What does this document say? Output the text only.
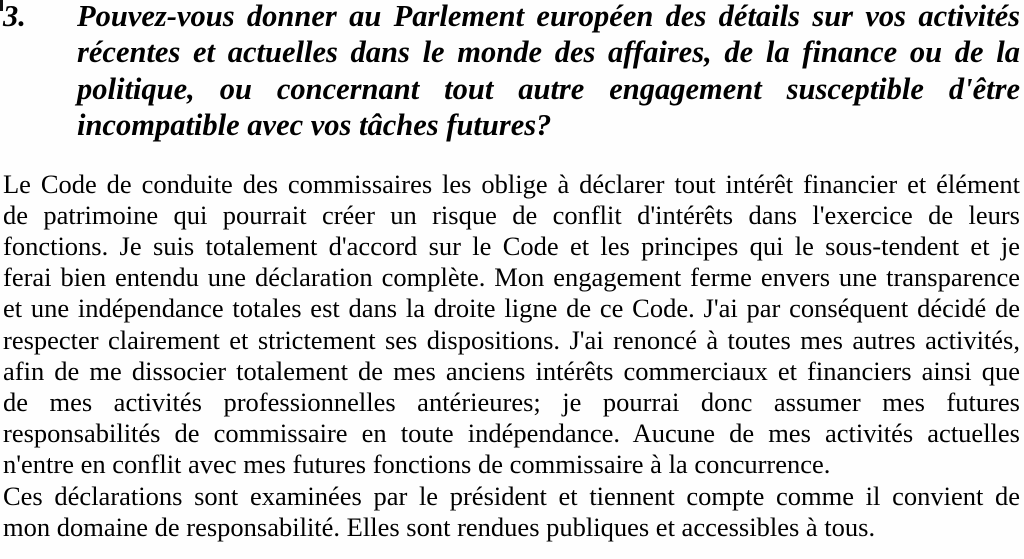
3.	Pouvez-vous donner au Parlement européen des détails sur vos activités
récentes et actuelles dans le monde des affaires, de la finance ou de la
politique, ou concernant tout autre engagement susceptible d'être
incompatible avec vos tâches futures?
Le Code de conduite des commissaires les oblige à déclarer tout intérêt financier et élément
de patrimoine qui pourrait créer un risque de conflit d'intérêts dans l'exercice de leurs
fonctions. Je suis totalement d'accord sur le Code et les principes qui le sous-tendent et je
ferai bien entendu une déclaration complète. Mon engagement ferme envers une transparence
et une indépendance totales est dans la droite ligne de ce Code. J'ai par conséquent décidé de
respecter clairement et strictement ses dispositions. J'ai renoncé à toutes mes autres activités,
afin de me dissocier totalement de mes anciens intérêts commerciaux et financiers ainsi que
de mes activités professionnelles antérieures; je pourrai donc assumer mes futures
responsabilités de commissaire en toute indépendance. Aucune de mes activités actuelles
n'entre en conflit avec mes futures fonctions de commissaire à la concurrence.
Ces déclarations sont examinées par le président et tiennent compte comme il convient de
mon domaine de responsabilité. Elles sont rendues publiques et accessibles à tous.
